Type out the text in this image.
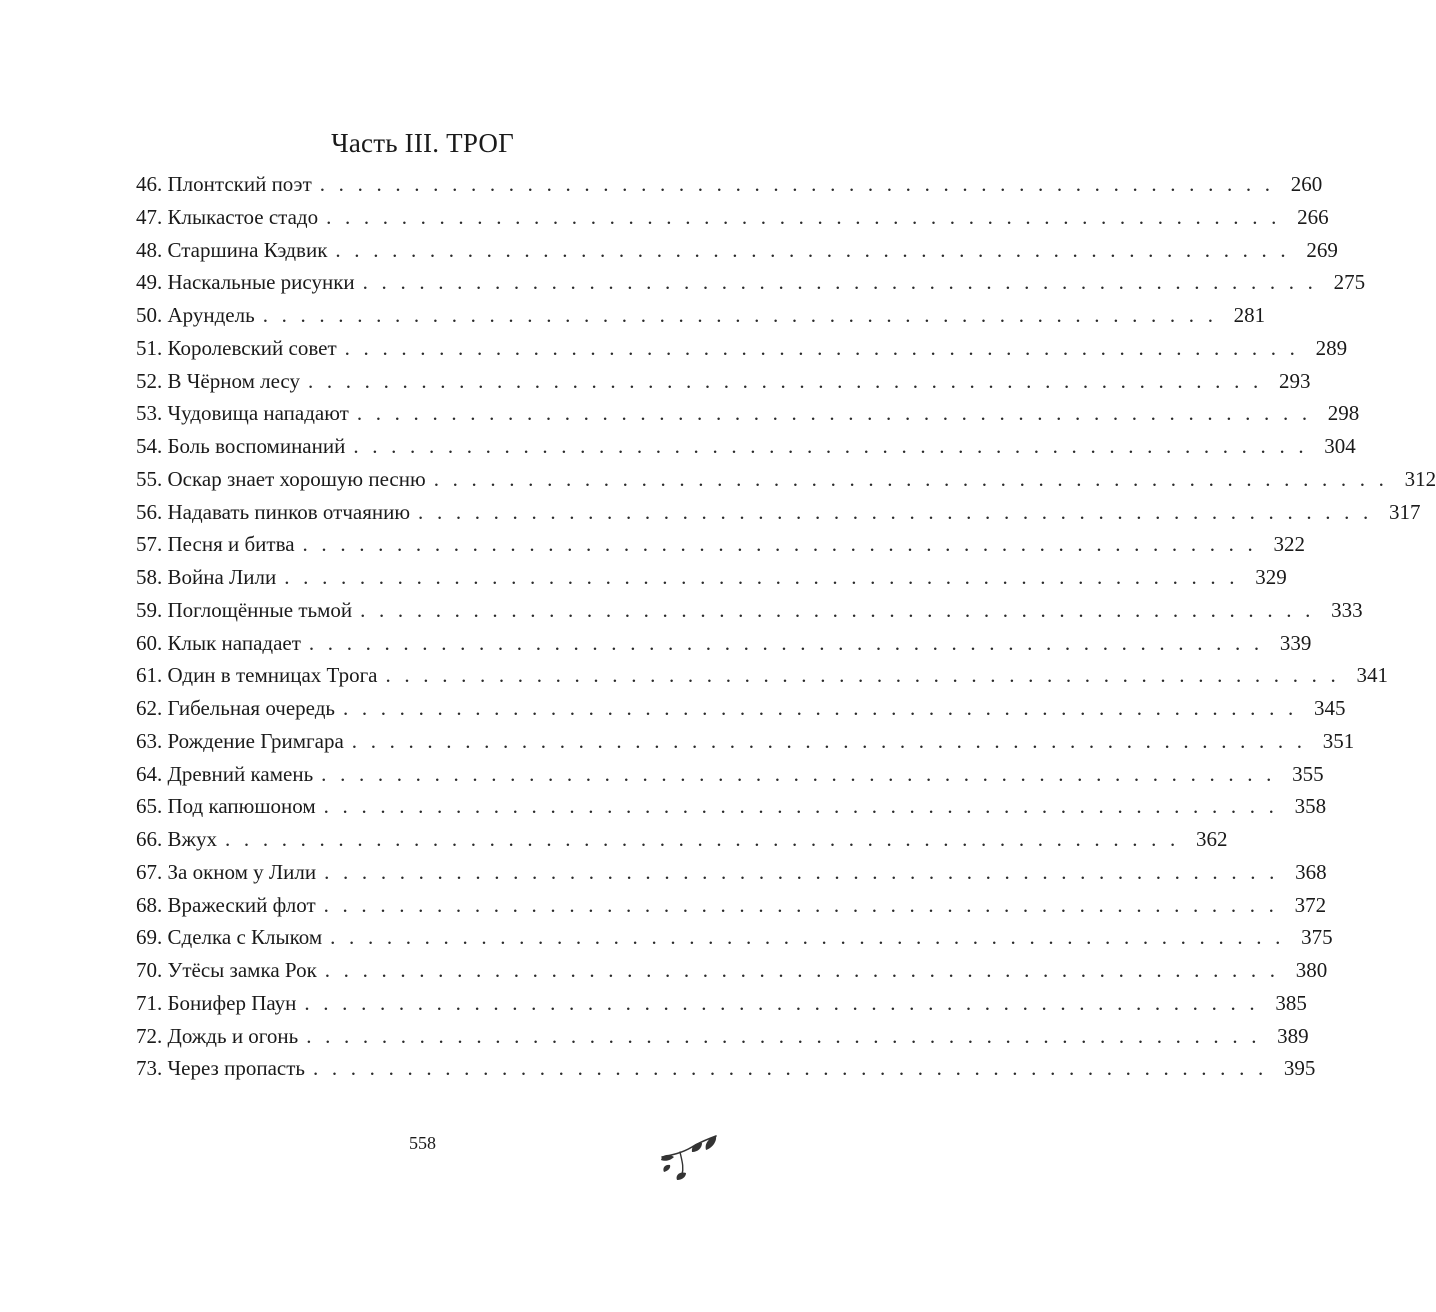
Часть III. ТРОГ
46. Плонтский поэт . . . . . . . . . . . . . . . . . . . . . . . . . . . . . . . . . . . . . . . . . . . . . . . . . . . 260
47. Клыкастое стадо . . . . . . . . . . . . . . . . . . . . . . . . . . . . . . . . . . . . . . . . . . . . . . . . . . . 266
48. Старшина Кэдвик . . . . . . . . . . . . . . . . . . . . . . . . . . . . . . . . . . . . . . . . . . . . . . . . . . . 269
49. Наскальные рисунки . . . . . . . . . . . . . . . . . . . . . . . . . . . . . . . . . . . . . . . . . . . . . . . . . . . 275
50. Арундель . . . . . . . . . . . . . . . . . . . . . . . . . . . . . . . . . . . . . . . . . . . . . . . . . . . 281
51. Королевский совет . . . . . . . . . . . . . . . . . . . . . . . . . . . . . . . . . . . . . . . . . . . . . . . . . . . 289
52. В Чёрном лесу . . . . . . . . . . . . . . . . . . . . . . . . . . . . . . . . . . . . . . . . . . . . . . . . . . . 293
53. Чудовища нападают . . . . . . . . . . . . . . . . . . . . . . . . . . . . . . . . . . . . . . . . . . . . . . . . . . . 298
54. Боль воспоминаний . . . . . . . . . . . . . . . . . . . . . . . . . . . . . . . . . . . . . . . . . . . . . . . . . . . 304
55. Оскар знает хорошую песню . . . . . . . . . . . . . . . . . . . . . . . . . . . . . . . . . . . . . . . . . . . . . . . . . . . 312
56. Надавать пинков отчаянию . . . . . . . . . . . . . . . . . . . . . . . . . . . . . . . . . . . . . . . . . . . . . . . . . . . 317
57. Песня и битва . . . . . . . . . . . . . . . . . . . . . . . . . . . . . . . . . . . . . . . . . . . . . . . . . . . 322
58. Война Лили . . . . . . . . . . . . . . . . . . . . . . . . . . . . . . . . . . . . . . . . . . . . . . . . . . . 329
59. Поглощённые тьмой . . . . . . . . . . . . . . . . . . . . . . . . . . . . . . . . . . . . . . . . . . . . . . . . . . . 333
60. Клык нападает . . . . . . . . . . . . . . . . . . . . . . . . . . . . . . . . . . . . . . . . . . . . . . . . . . . 339
61. Один в темницах Трога . . . . . . . . . . . . . . . . . . . . . . . . . . . . . . . . . . . . . . . . . . . . . . . . . . . 341
62. Гибельная очередь . . . . . . . . . . . . . . . . . . . . . . . . . . . . . . . . . . . . . . . . . . . . . . . . . . . 345
63. Рождение Гримгара . . . . . . . . . . . . . . . . . . . . . . . . . . . . . . . . . . . . . . . . . . . . . . . . . . . 351
64. Древний камень . . . . . . . . . . . . . . . . . . . . . . . . . . . . . . . . . . . . . . . . . . . . . . . . . . . 355
65. Под капюшоном . . . . . . . . . . . . . . . . . . . . . . . . . . . . . . . . . . . . . . . . . . . . . . . . . . . 358
66. Вжух . . . . . . . . . . . . . . . . . . . . . . . . . . . . . . . . . . . . . . . . . . . . . . . . . . . 362
67. За окном у Лили . . . . . . . . . . . . . . . . . . . . . . . . . . . . . . . . . . . . . . . . . . . . . . . . . . . 368
68. Вражеский флот . . . . . . . . . . . . . . . . . . . . . . . . . . . . . . . . . . . . . . . . . . . . . . . . . . . 372
69. Сделка с Клыком . . . . . . . . . . . . . . . . . . . . . . . . . . . . . . . . . . . . . . . . . . . . . . . . . . . 375
70. Утёсы замка Рок . . . . . . . . . . . . . . . . . . . . . . . . . . . . . . . . . . . . . . . . . . . . . . . . . . . 380
71. Бонифер Паун . . . . . . . . . . . . . . . . . . . . . . . . . . . . . . . . . . . . . . . . . . . . . . . . . . . 385
72. Дождь и огонь . . . . . . . . . . . . . . . . . . . . . . . . . . . . . . . . . . . . . . . . . . . . . . . . . . . 389
73. Через пропасть . . . . . . . . . . . . . . . . . . . . . . . . . . . . . . . . . . . . . . . . . . . . . . . . . . . 395
558
